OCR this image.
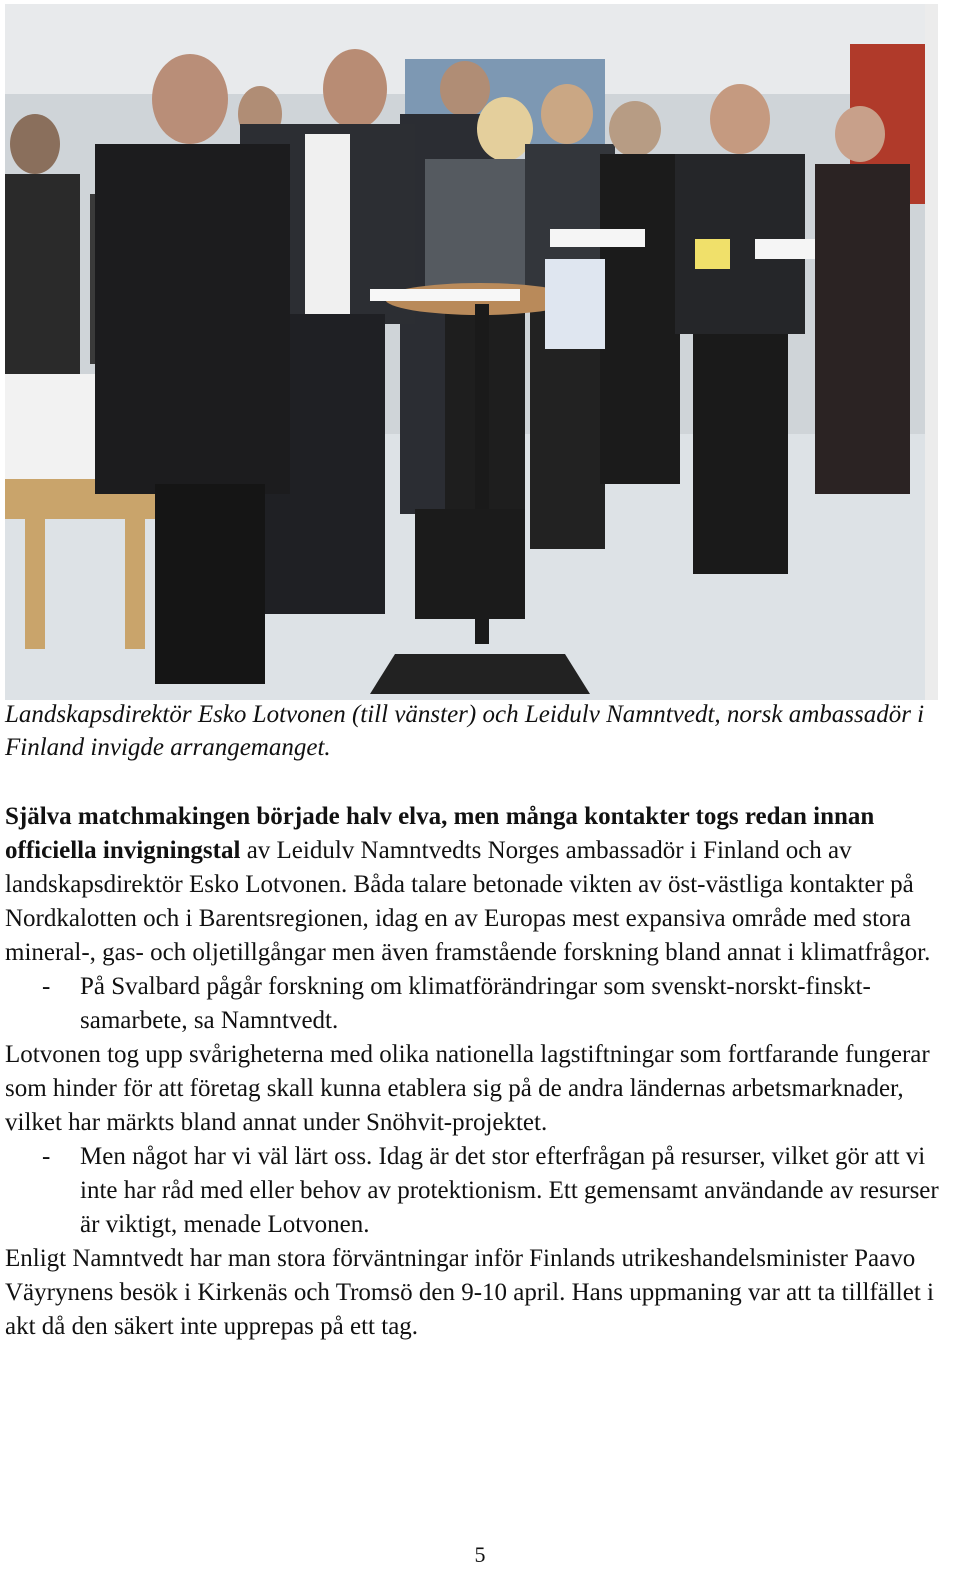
Landskapsdirektör Esko Lotvonen (till vänster) och Leidulv Namntvedt, norsk ambassadör i Finland invigde arrangemanget.

Själva matchmakingen började halv elva, men många kontakter togs redan innan officiella invigningstal av Leidulv Namntvedts Norges ambassadör i Finland och av landskapsdirektör Esko Lotvonen. Båda talare betonade vikten av öst-västliga kontakter på Nordkalotten och i Barentsregionen, idag en av Europas mest expansiva område med stora mineral-, gas- och oljetillgångar men även framstående forskning bland annat i klimatfrågor.

- På Svalbard pågår forskning om klimatförändringar som svenskt-norskt-finskt-samarbete, sa Namntvedt.

Lotvonen tog upp svårigheterna med olika nationella lagstiftningar som fortfarande fungerar som hinder för att företag skall kunna etablera sig på de andra ländernas arbetsmarknader, vilket har märkts bland annat under Snöhvit-projektet.

- Men något har vi väl lärt oss. Idag är det stor efterfrågan på resurser, vilket gör att vi inte har råd med eller behov av protektionism. Ett gemensamt användande av resurser är viktigt, menade Lotvonen.

Enligt Namntvedt har man stora förväntningar inför Finlands utrikeshandelsminister Paavo Väyrynens besök i Kirkenäs och Tromsö den 9-10 april. Hans uppmaning var att ta tillfället i akt då den säkert inte upprepas på ett tag.

5
